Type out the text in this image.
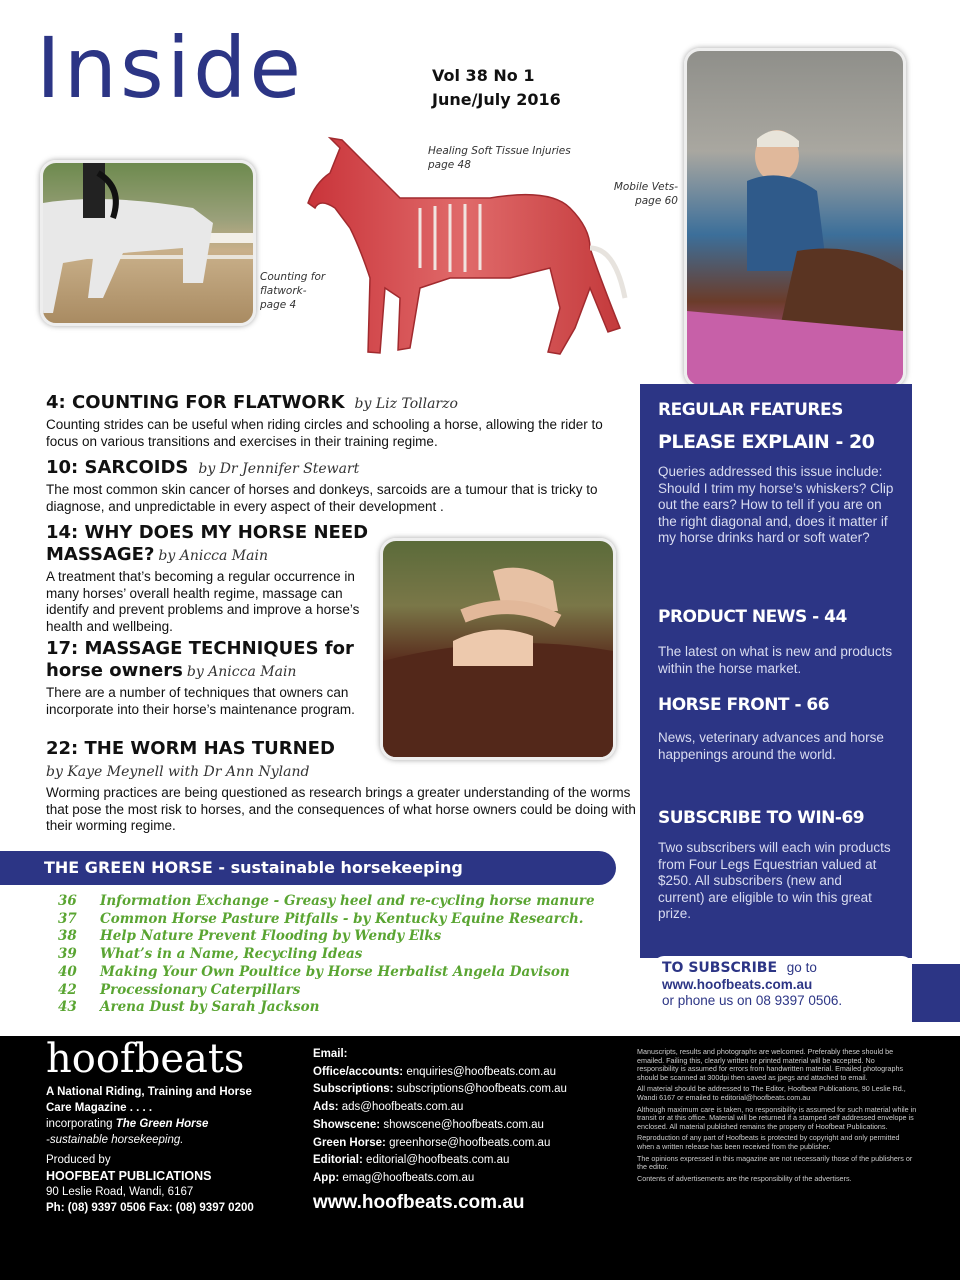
Inside	Vol 38 No 1
June/July 2016
Healing Soft Tissue Injuries
page 48
Mobile Vets-
page 60
Counting for
flatwork-
page 4

4: COUNTING FOR FLATWORK by Liz Tollarzo

Counting strides can be useful when riding circles and schooling a horse, allowing the rider to focus on various transitions and exercises in their training regime.

10: SARCOIDS by Dr Jennifer Stewart

The most common skin cancer of horses and donkeys, sarcoids are a tumour that is tricky to diagnose, and unpredictable in every aspect of their development .

14: WHY DOES MY HORSE NEED

MASSAGE? by Anicca Main

A treatment that’s becoming a regular occurrence in many horses’ overall health regime, massage can identify and prevent problems and improve a horse’s health and wellbeing.

17: MASSAGE TECHNIQUES for

horse owners by Anicca Main

There are a number of techniques that owners can incorporate into their horse’s maintenance program.

22: THE WORM HAS TURNED

by Kaye Meynell with Dr Ann Nyland

Worming practices are being questioned as research brings a greater understanding of the worms that pose the most risk to horses, and the consequences of what horse owners could be doing with their worming regime.

REGULAR FEATURES
PLEASE EXPLAIN - 20
Queries addressed this issue include: Should I trim my horse’s whiskers? Clip out the ears? How to tell if you are on the right diagonal and, does it matter if my horse drinks hard or soft water?
PRODUCT NEWS - 44
The latest on what is new and products within the horse market.
HORSE FRONT - 66
News, veterinary advances and horse happenings around the world.
SUBSCRIBE TO WIN-69
Two subscribers will each win products from Four Legs Equestrian valued at $250. All subscribers (new and current) are eligible to win this great prize.
TO SUBSCRIBE go to
www.hoofbeats.com.au
or phone us on 08 9397 0506.
THE GREEN HORSE - sustainable horsekeeping
36 Information Exchange - Greasy heel and re-cycling horse manure
37 Common Horse Pasture Pitfalls - by Kentucky Equine Research.
38 Help Nature Prevent Flooding by Wendy Elks
39 What’s in a Name, Recycling Ideas
40 Making Your Own Poultice by Horse Herbalist Angela Davison
42 Processionary Caterpillars
43 Arena Dust by Sarah Jackson
hoofbeats
A National Riding, Training and Horse
Care Magazine . . . .
incorporating The Green Horse
-sustainable horsekeeping.
Produced by
HOOFBEAT PUBLICATIONS
90 Leslie Road, Wandi, 6167
Ph: (08) 9397 0506 Fax: (08) 9397 0200
Email:
Office/accounts: enquiries@hoofbeats.com.au
Subscriptions: subscriptions@hoofbeats.com.au
Ads: ads@hoofbeats.com.au
Showscene: showscene@hoofbeats.com.au
Green Horse: greenhorse@hoofbeats.com.au
Editorial: editorial@hoofbeats.com.au
App: emag@hoofbeats.com.au
www.hoofbeats.com.au

Manuscripts, results and photographs are welcomed. Preferably these should be emailed. Failing this, clearly written or printed material will be accepted. No responsibility is assumed for errors from handwritten material. Emailed photographs should be scanned at 300dpi then saved as jpegs and attached to email.

All material should be addressed to The Editor, Hoofbeat Publications, 90 Leslie Rd., Wandi 6167 or emailed to editorial@hoofbeats.com.au

Although maximum care is taken, no responsibility is assumed for such material while in transit or at this office. Material will be returned if a stamped self addressed envelope is enclosed. All material published remains the property of Hoofbeat Publications.

Reproduction of any part of Hoofbeats is protected by copyright and only permitted when a written release has been received from the publisher.

The opinions expressed in this magazine are not necessarily those of the publishers or the editor.

Contents of advertisements are the responsibility of the advertisers.
